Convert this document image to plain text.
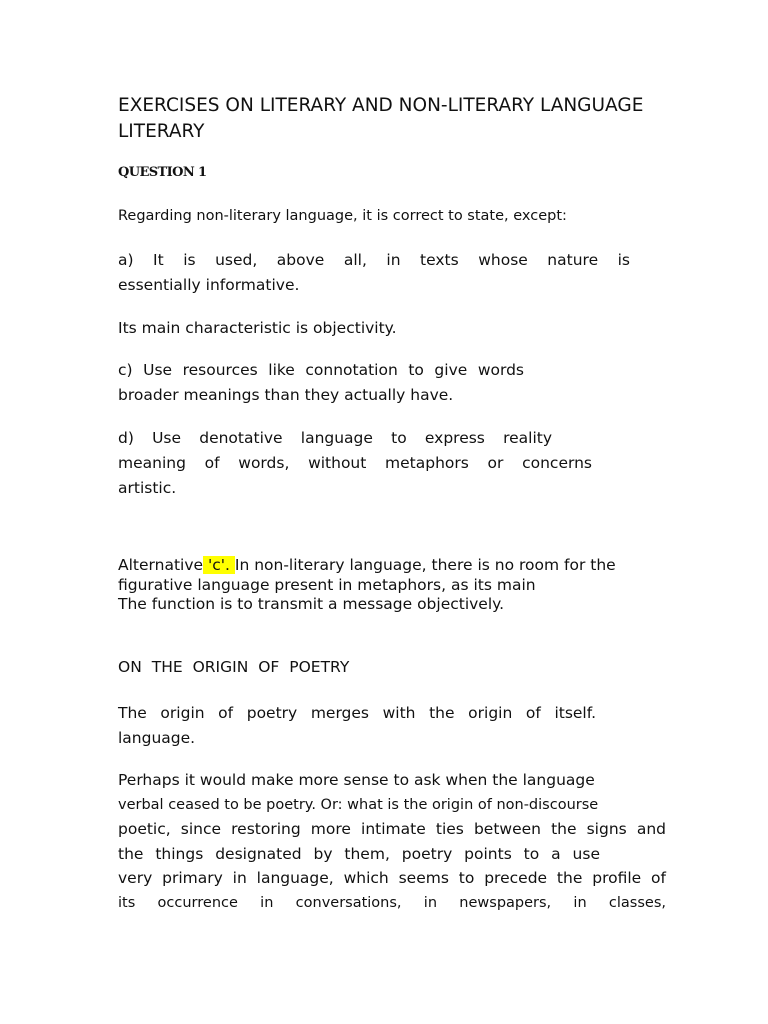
EXERCISES ON LITERARY AND NON-LITERARY LANGUAGE
LITERARY
QUESTION 1
Regarding non-literary language, it is correct to state, except:
a) It is used, above all, in texts whose nature is
essentially informative.
Its main characteristic is objectivity.
c) Use resources like connotation to give words
broader meanings than they actually have.
d) Use denotative language to express reality
meaning of words, without metaphors or concerns
artistic.
Alternative 'c'. In non-literary language, there is no room for the
figurative language present in metaphors, as its main
The function is to transmit a message objectively.
ON THE ORIGIN OF POETRY
The origin of poetry merges with the origin of itself.
language.
Perhaps it would make more sense to ask when the language
verbal ceased to be poetry. Or: what is the origin of non-discourse
poetic, since restoring more intimate ties between the signs and
the things designated by them, poetry points to a use
very primary in language, which seems to precede the profile of
its occurrence in conversations, in newspapers, in classes,
